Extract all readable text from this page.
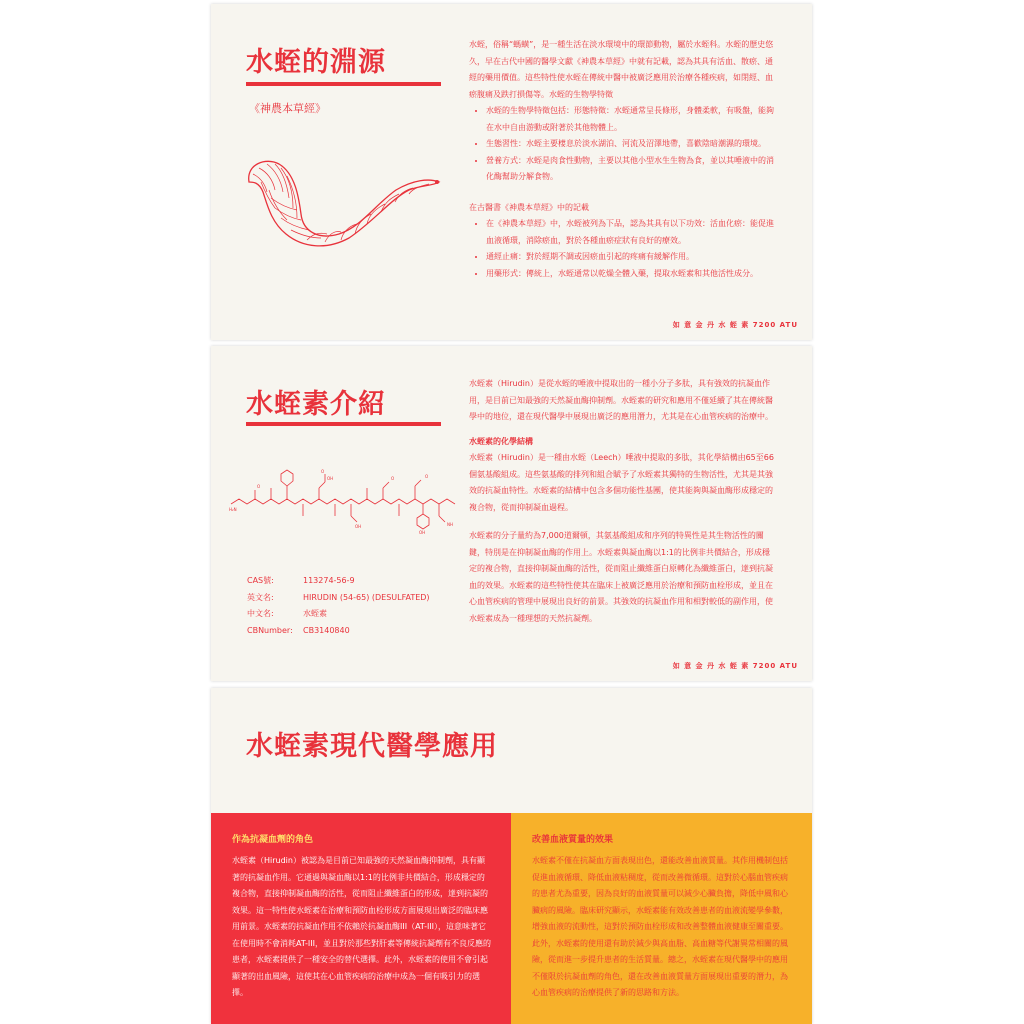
水蛭的淵源
《神農本草經》

水蛭，俗稱“螞蟥”，是一種生活在淡水環境中的環節動物，屬於水蛭科。水蛭的歷史悠久，早在古代中國的醫學文獻《神農本草經》中就有記載，認為其具有活血、散瘀、通經的藥用價值。這些特性使水蛭在傳統中醫中被廣泛應用於治療各種疾病，如閉經、血瘀腹痛及跌打損傷等。水蛭的生物學特徵

• 水蛭的生物學特徵包括：形態特徵：水蛭通常呈長條形，身體柔軟，有吸盤，能夠在水中自由游動或附著於其他物體上。
• 生態習性：水蛭主要棲息於淡水湖泊、河流及沼澤地帶，喜歡陰暗潮濕的環境。
• 營養方式：水蛭是肉食性動物，主要以其他小型水生生物為食，並以其唾液中的消化酶幫助分解食物。

在古醫書《神農本草經》中的記載

• 在《神農本草經》中，水蛭被列為下品，認為其具有以下功效：活血化瘀：能促進血液循環，消除瘀血，對於各種血瘀症狀有良好的療效。
• 通經止痛：對於經期不調或因瘀血引起的疼痛有緩解作用。
• 用藥形式：傳統上，水蛭通常以乾燥全體入藥，提取水蛭素和其他活性成分。
如 意 金 丹 水 蛭 素 7200 ATU
水蛭素介紹
O
O
OH
OH
O	O
OH
NH
H₂N
CAS號:	113274-56-9
英文名:	HIRUDIN (54-65) (DESULFATED)
中文名:	水蛭素
CBNumber:	CB3140840

水蛭素（Hirudin）是從水蛭的唾液中提取出的一種小分子多肽，具有強效的抗凝血作用，是目前已知最強的天然凝血酶抑制劑。水蛭素的研究和應用不僅延續了其在傳統醫學中的地位，還在現代醫學中展現出廣泛的應用潛力，尤其是在心血管疾病的治療中。

水蛭素的化學結構

水蛭素（Hirudin）是一種由水蛭（Leech）唾液中提取的多肽，其化學結構由65至66個氨基酸組成。這些氨基酸的排列和組合賦予了水蛭素其獨特的生物活性，尤其是其強效的抗凝血特性。水蛭素的結構中包含多個功能性基團，使其能夠與凝血酶形成穩定的複合物，從而抑制凝血過程。

水蛭素的分子量約為7,000道爾頓，其氨基酸組成和序列的特異性是其生物活性的關鍵，特別是在抑制凝血酶的作用上。水蛭素與凝血酶以1:1的比例非共價結合，形成穩定的複合物，直接抑制凝血酶的活性，從而阻止纖維蛋白原轉化為纖維蛋白，達到抗凝血的效果。水蛭素的這些特性使其在臨床上被廣泛應用於治療和預防血栓形成，並且在心血管疾病的管理中展現出良好的前景。其強效的抗凝血作用和相對較低的副作用，使水蛭素成為一種理想的天然抗凝劑。

如 意 金 丹 水 蛭 素 7200 ATU
水蛭素現代醫學應用
作為抗凝血劑的角色

水蛭素（Hirudin）被認為是目前已知最強的天然凝血酶抑制劑，具有顯著的抗凝血作用。它通過與凝血酶以1:1的比例非共價結合，形成穩定的複合物，直接抑制凝血酶的活性，從而阻止纖維蛋白的形成，達到抗凝的效果。這一特性使水蛭素在治療和預防血栓形成方面展現出廣泛的臨床應用前景。水蛭素的抗凝血作用不依賴於抗凝血酶III（AT-III），這意味著它在使用時不會消耗AT-III，並且對於那些對肝素等傳統抗凝劑有不良反應的患者，水蛭素提供了一種安全的替代選擇。此外，水蛭素的使用不會引起顯著的出血風險，這使其在心血管疾病的治療中成為一個有吸引力的選擇。

改善血液質量的效果

水蛭素不僅在抗凝血方面表現出色，還能改善血液質量。其作用機制包括促進血液循環、降低血液粘稠度，從而改善微循環。這對於心腦血管疾病的患者尤為重要，因為良好的血液質量可以減少心臟負擔，降低中風和心臟病的風險。臨床研究顯示，水蛭素能有效改善患者的血液流變學參數，增強血液的流動性，這對於預防血栓形成和改善整體血液健康至關重要。此外，水蛭素的使用還有助於減少與高血脂、高血糖等代謝異常相關的風險，從而進一步提升患者的生活質量。總之，水蛭素在現代醫學中的應用不僅限於抗凝血劑的角色，還在改善血液質量方面展現出重要的潛力，為心血管疾病的治療提供了新的思路和方法。
